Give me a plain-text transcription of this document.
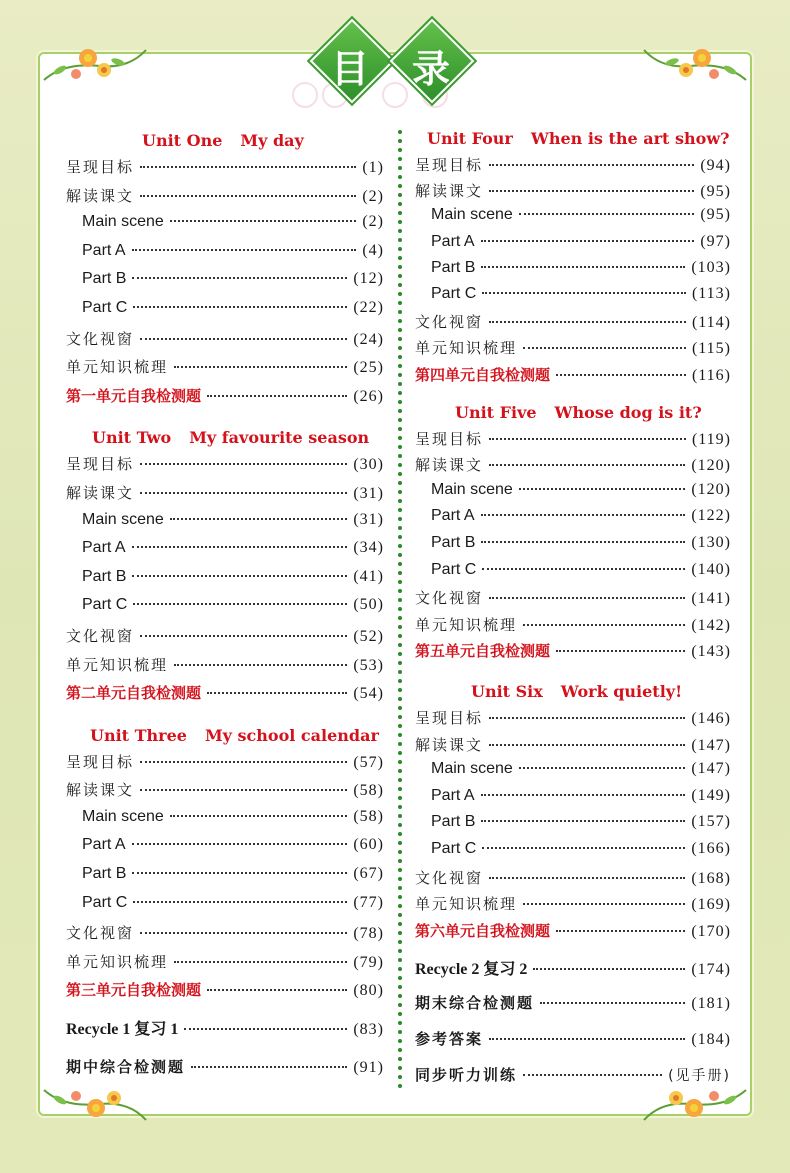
目	录
Unit One My day
呈现目标	(1)
解读课文	(2)
Main scene	(2)
Part A	(4)
Part B	(12)
Part C	(22)
文化视窗	(24)
单元知识梳理	(25)
第一单元自我检测题	(26)
Unit Two My favourite season
呈现目标	(30)
解读课文	(31)
Main scene	(31)
Part A	(34)
Part B	(41)
Part C	(50)
文化视窗	(52)
单元知识梳理	(53)
第二单元自我检测题	(54)
Unit Three My school calendar
呈现目标	(57)
解读课文	(58)
Main scene	(58)
Part A	(60)
Part B	(67)
Part C	(77)
文化视窗	(78)
单元知识梳理	(79)
第三单元自我检测题	(80)
Recycle 1 复习 1	(83)
期中综合检测题	(91)
Unit Four When is the art show?
呈现目标	(94)
解读课文	(95)
Main scene	(95)
Part A	(97)
Part B	(103)
Part C	(113)
文化视窗	(114)
单元知识梳理	(115)
第四单元自我检测题	(116)
Unit Five Whose dog is it?
呈现目标	(119)
解读课文	(120)
Main scene	(120)
Part A	(122)
Part B	(130)
Part C	(140)
文化视窗	(141)
单元知识梳理	(142)
第五单元自我检测题	(143)
Unit Six Work quietly!
呈现目标	(146)
解读课文	(147)
Main scene	(147)
Part A	(149)
Part B	(157)
Part C	(166)
文化视窗	(168)
单元知识梳理	(169)
第六单元自我检测题	(170)
Recycle 2 复习 2	(174)
期末综合检测题	(181)
参考答案	(184)
同步听力训练	(见手册)
